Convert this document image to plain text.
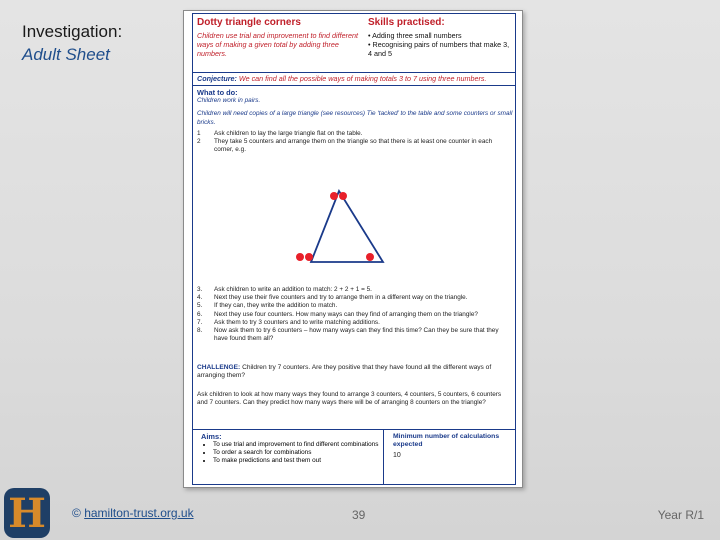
Investigation:
Adult Sheet
Dotty triangle corners
Children use trial and improvement to find different ways of making a given total by adding three numbers.
Skills practised:
• Adding three small numbers
• Recognising pairs of numbers that make 3, 4 and 5
Conjecture: We can find all the possible ways of making totals 3 to 7 using three numbers.
What to do:
Children work in pairs.
Children will need copies of a large triangle (see resources) Tie ‘tacked’ to the table and some counters or small bricks.
1 Ask children to lay the large triangle flat on the table.
2 They take 5 counters and arrange them on the triangle so that there is at least one counter in each corner, e.g.
3. Ask children to write an addition to match: 2 + 2 + 1 = 5.
4. Next they use their five counters and try to arrange them in a different way on the triangle.
5. If they can, they write the addition to match.
6. Next they use four counters. How many ways can they find of arranging them on the triangle?
7. Ask them to try 3 counters and to write matching additions.
8. Now ask them to try 6 counters – how many ways can they find this time? Can they be sure that they have found them all?
CHALLENGE: Children try 7 counters. Are they positive that they have found all the different ways of arranging them?
Ask children to look at how many ways they found to arrange 3 counters, 4 counters, 5 counters, 6 counters and 7 counters. Can they predict how many ways there will be of arranging 8 counters on the triangle?
Aims:
• To use trial and improvement to find different combinations
• To order a search for combinations
• To make predictions and test them out
Minimum number of calculations expected
10
H	© hamilton-trust.org.uk	39	Year R/1
